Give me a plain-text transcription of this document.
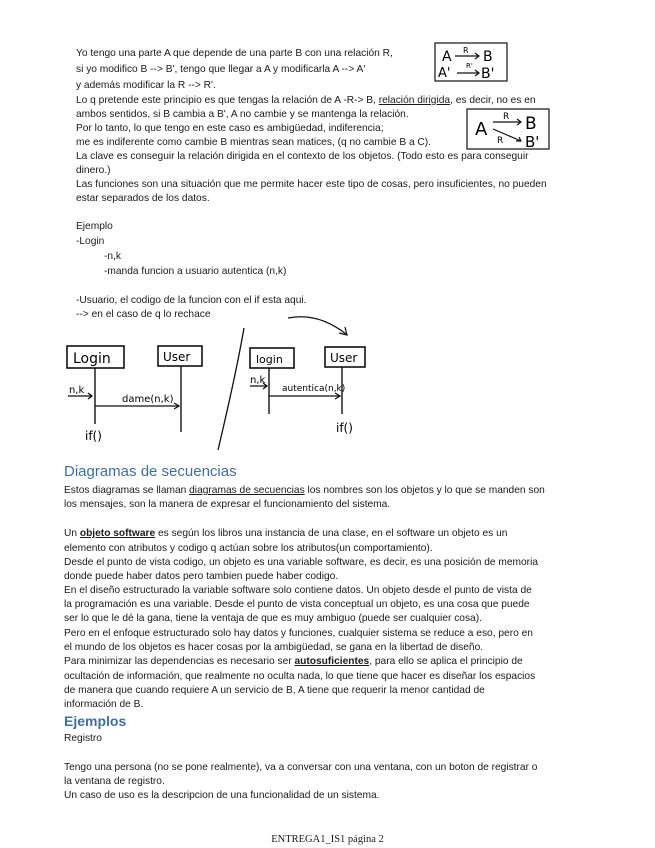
Yo tengo una parte A que depende de una parte B con una relación R,
si yo modifico B --> B', tengo que llegar a A y modificarla A --> A'
y además modificar la R --> R'.
Lo q pretende este principio es que tengas la relación de A -R-> B, relación dirigida, es decir, no es en
ambos sentidos, si B cambia a B', A no cambie y se mantenga la relación.
Por lo tanto, lo que tengo en este caso es ambigüedad, indiferencia;
me es indiferente como cambie B mientras sean matices, (q no cambie B a C).
La clave es conseguir la relación dirigida en el contexto de los objetos. (Todo esto es para conseguir
dinero.)
Las funciones son una situación que me permite hacer este tipo de cosas, pero insuficientes, no pueden
estar separados de los datos.
Ejemplo
-Login
-n,k
-manda funcion a usuario autentica (n,k)
-Usuario, el codigo de la funcion con el if esta aqui.
--> en el caso de q lo rechace
A R B
A' R' B'
A
R B
R B'
Login	User
n,k
dame(n,k)
if()
login	User
n,k
autentica(n,k)
if()
Diagramas de secuencias
Estos diagramas se llaman diagramas de secuencias los nombres son los objetos y lo que se manden son
los mensajes, son la manera de expresar el funcionamiento del sistema.
Un objeto software es según los libros una instancia de una clase, en el software un objeto es un
elemento con atributos y codigo q actúan sobre los atributos(un comportamiento).
Desde el punto de vista codigo, un objeto es una variable software, es decir, es una posición de memoria
donde puede haber datos pero tambien puede haber codigo.
En el diseño estructurado la variable software solo contiene datos. Un objeto desde el punto de vista de
la programación es una variable. Desde el punto de vista conceptual un objeto, es una cosa que puede
ser lo que le dé la gana, tiene la ventaja de que es muy ambiguo (puede ser cualquier cosa).
Pero en el enfoque estructurado solo hay datos y funciones, cualquier sistema se reduce a eso, pero en
el mundo de los objetos es hacer cosas por la ambigüedad, se gana en la libertad de diseño.
Para minimizar las dependencias es necesario ser autosuficientes, para ello se aplica el principio de
ocultación de información, que realmente no oculta nada, lo que tiene que hacer es diseñar los espacios
de manera que cuando requiere A un servicio de B, A tiene que requerir la menor cantidad de
información de B.
Ejemplos
Registro
Tengo una persona (no se pone realmente), va a conversar con una ventana, con un boton de registrar o
la ventana de registro.
Un caso de uso es la descripcion de una funcionalidad de un sistema.
ENTREGA1_IS1 página 2
